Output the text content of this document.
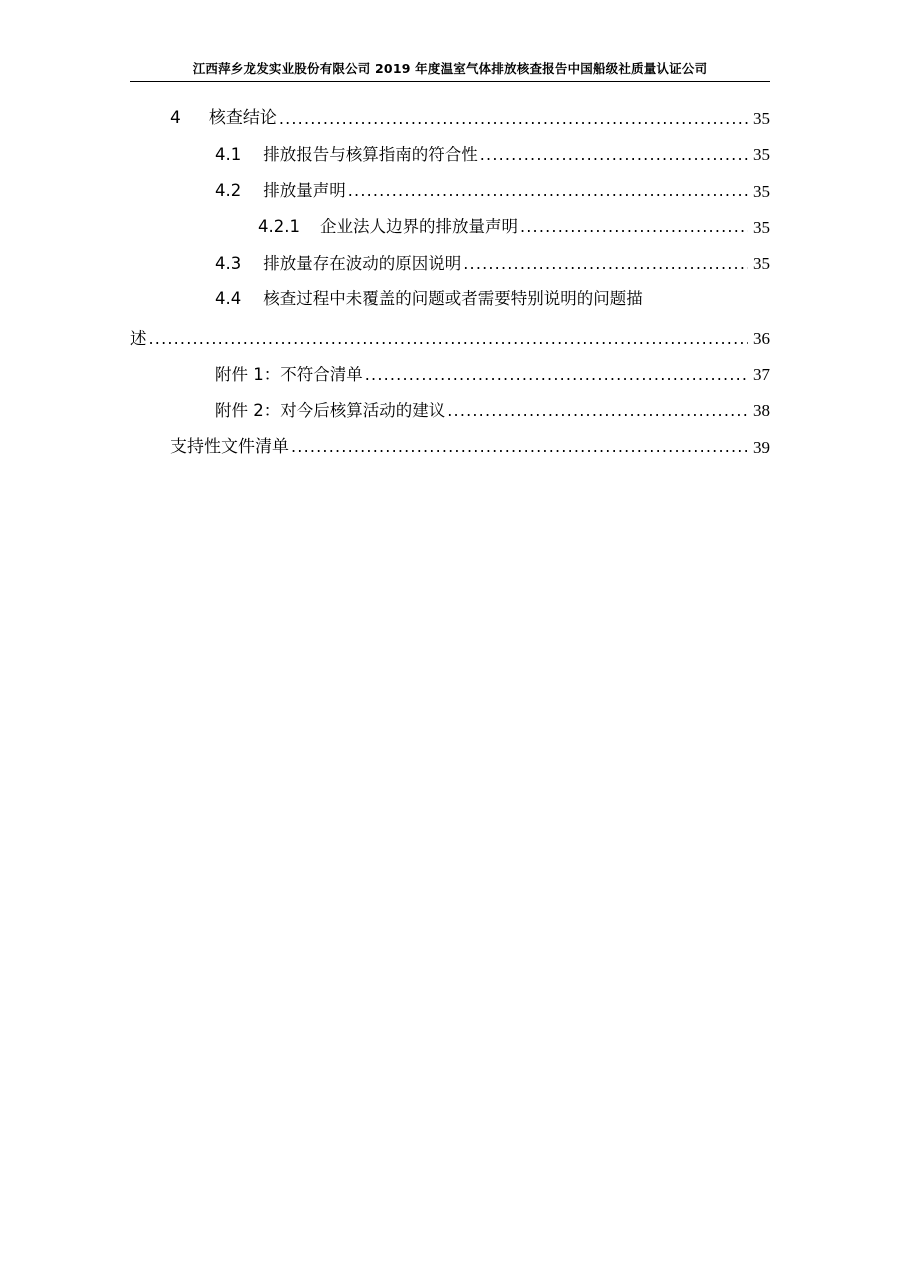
江西萍乡龙发实业股份有限公司 2019 年度温室气体排放核查报告中国船级社质量认证公司
4 核查结论 .....	35
4.1 排放报告与核算指南的符合性 .....	35
4.2 排放量声明 .....	35
4.2.1 企业法人边界的排放量声明 .....	35
4.3 排放量存在波动的原因说明 .....	35
4.4 核查过程中未覆盖的问题或者需要特别说明的问题描
述 .....	36
附件 1：不符合清单 .....	37
附件 2：对今后核算活动的建议 .....	38
支持性文件清单 .....	39
